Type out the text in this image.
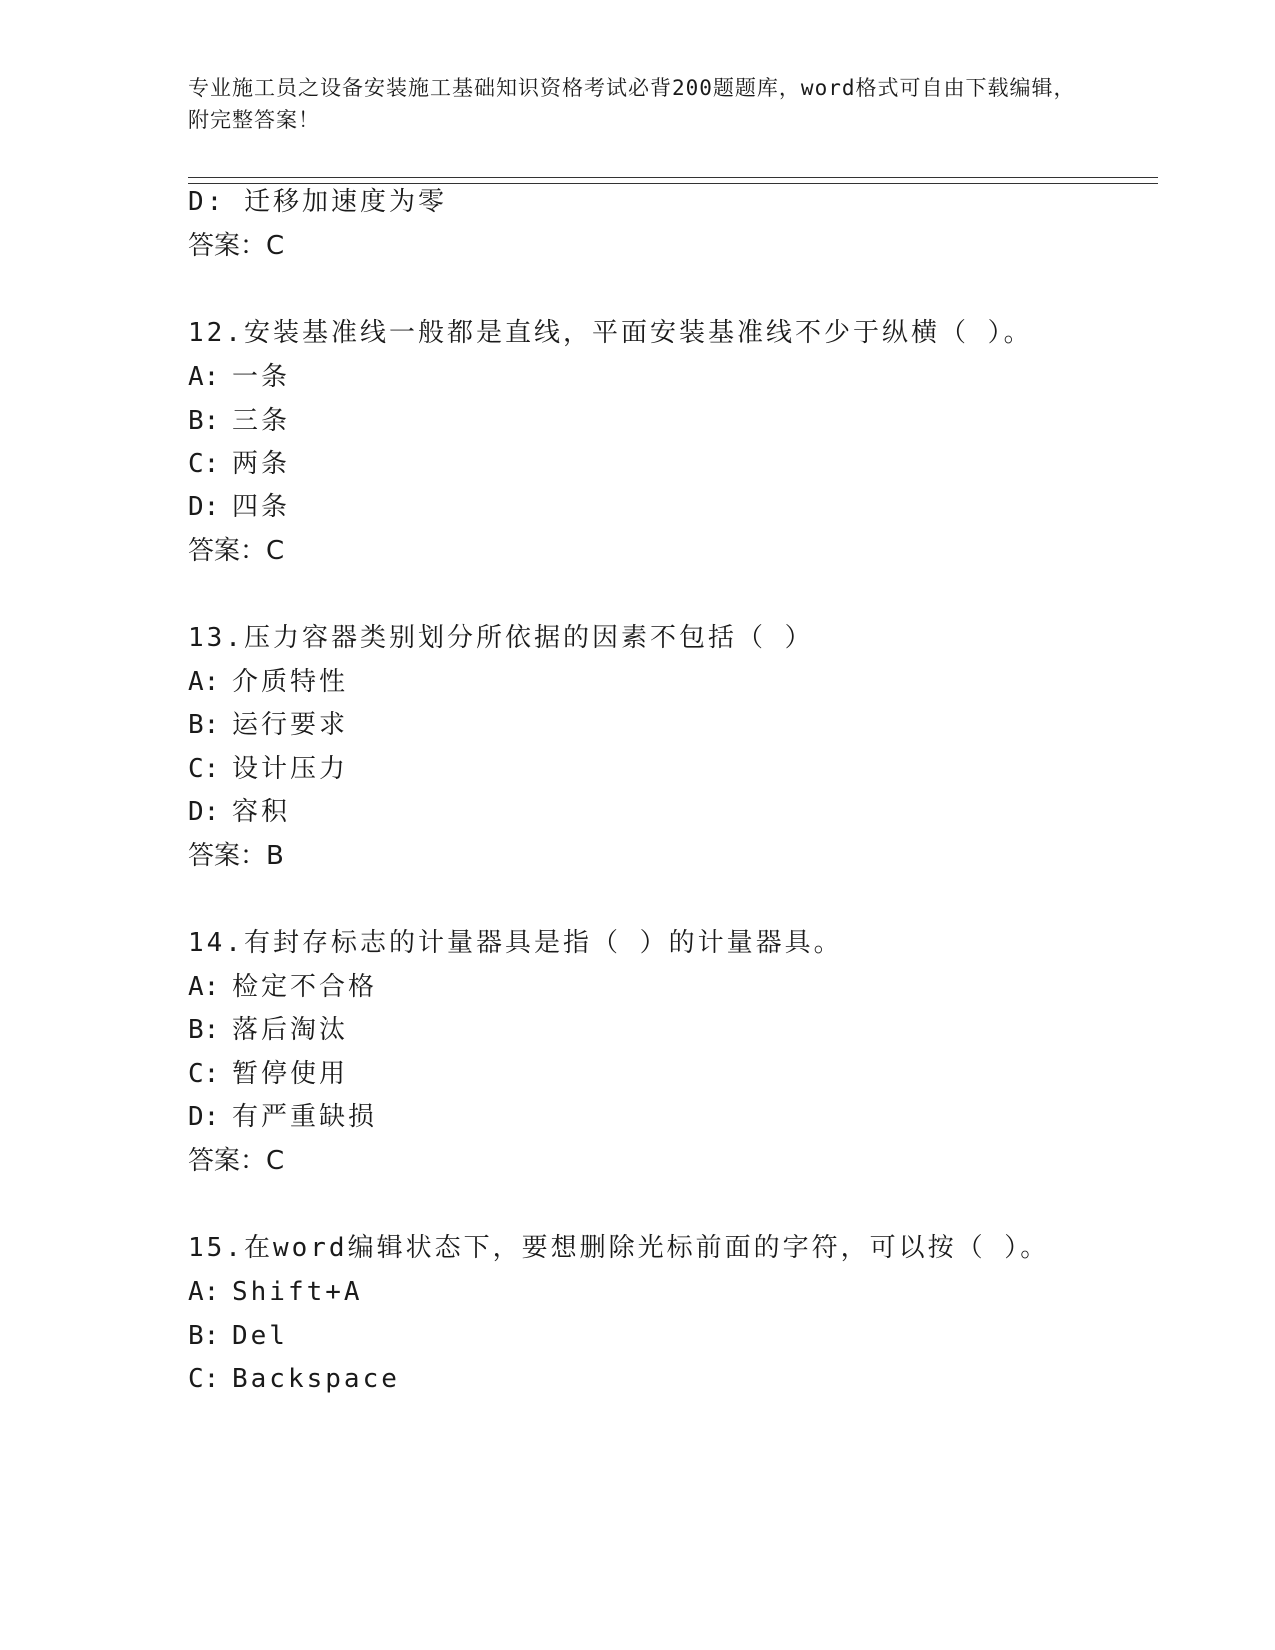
专业施工员之设备安装施工基础知识资格考试必背200题题库，word格式可自由下载编辑，附完整答案！
D: 迁移加速度为零
答案：C
12.安装基准线一般都是直线，平面安装基准线不少于纵横（ ）。
A: 一条
B: 三条
C: 两条
D: 四条
答案：C
13.压力容器类别划分所依据的因素不包括（ ）
A: 介质特性
B: 运行要求
C: 设计压力
D: 容积
答案：B
14.有封存标志的计量器具是指（ ）的计量器具。
A: 检定不合格
B: 落后淘汰
C: 暂停使用
D: 有严重缺损
答案：C
15.在word编辑状态下，要想删除光标前面的字符，可以按（ ）。
A: Shift+A
B: Del
C: Backspace
